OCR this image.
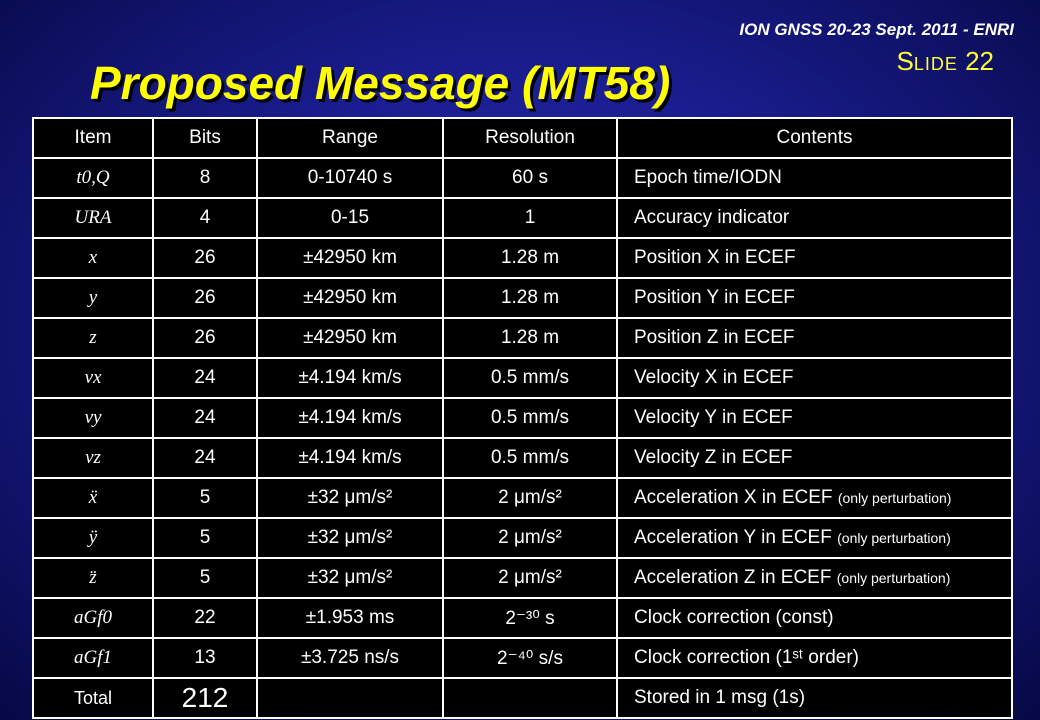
ION GNSS 20-23 Sept. 2011 - ENRI
SLIDE 22
Proposed Message (MT58)
Item	Bits	Range	Resolution	Contents
t0,Q	8	0-10740 s	60 s	Epoch time/IODN
URA	4	0-15	1	Accuracy indicator
x	26	±42950 km	1.28 m	Position X in ECEF
y	26	±42950 km	1.28 m	Position Y in ECEF
z	26	±42950 km	1.28 m	Position Z in ECEF
vx	24	±4.194 km/s	0.5 mm/s	Velocity X in ECEF
vy	24	±4.194 km/s	0.5 mm/s	Velocity Y in ECEF
vz	24	±4.194 km/s	0.5 mm/s	Velocity Z in ECEF
ẍ	5	±32 μm/s²	2 μm/s²	Acceleration X in ECEF (only perturbation)
ÿ	5	±32 μm/s²	2 μm/s²	Acceleration Y in ECEF (only perturbation)
z̈	5	±32 μm/s²	2 μm/s²	Acceleration Z in ECEF (only perturbation)
aGf0	22	±1.953 ms	2⁻³⁰ s	Clock correction (const)
aGf1	13	±3.725 ns/s	2⁻⁴⁰ s/s	Clock correction (1ˢᵗ order)
Total	212			Stored in 1 msg (1s)
